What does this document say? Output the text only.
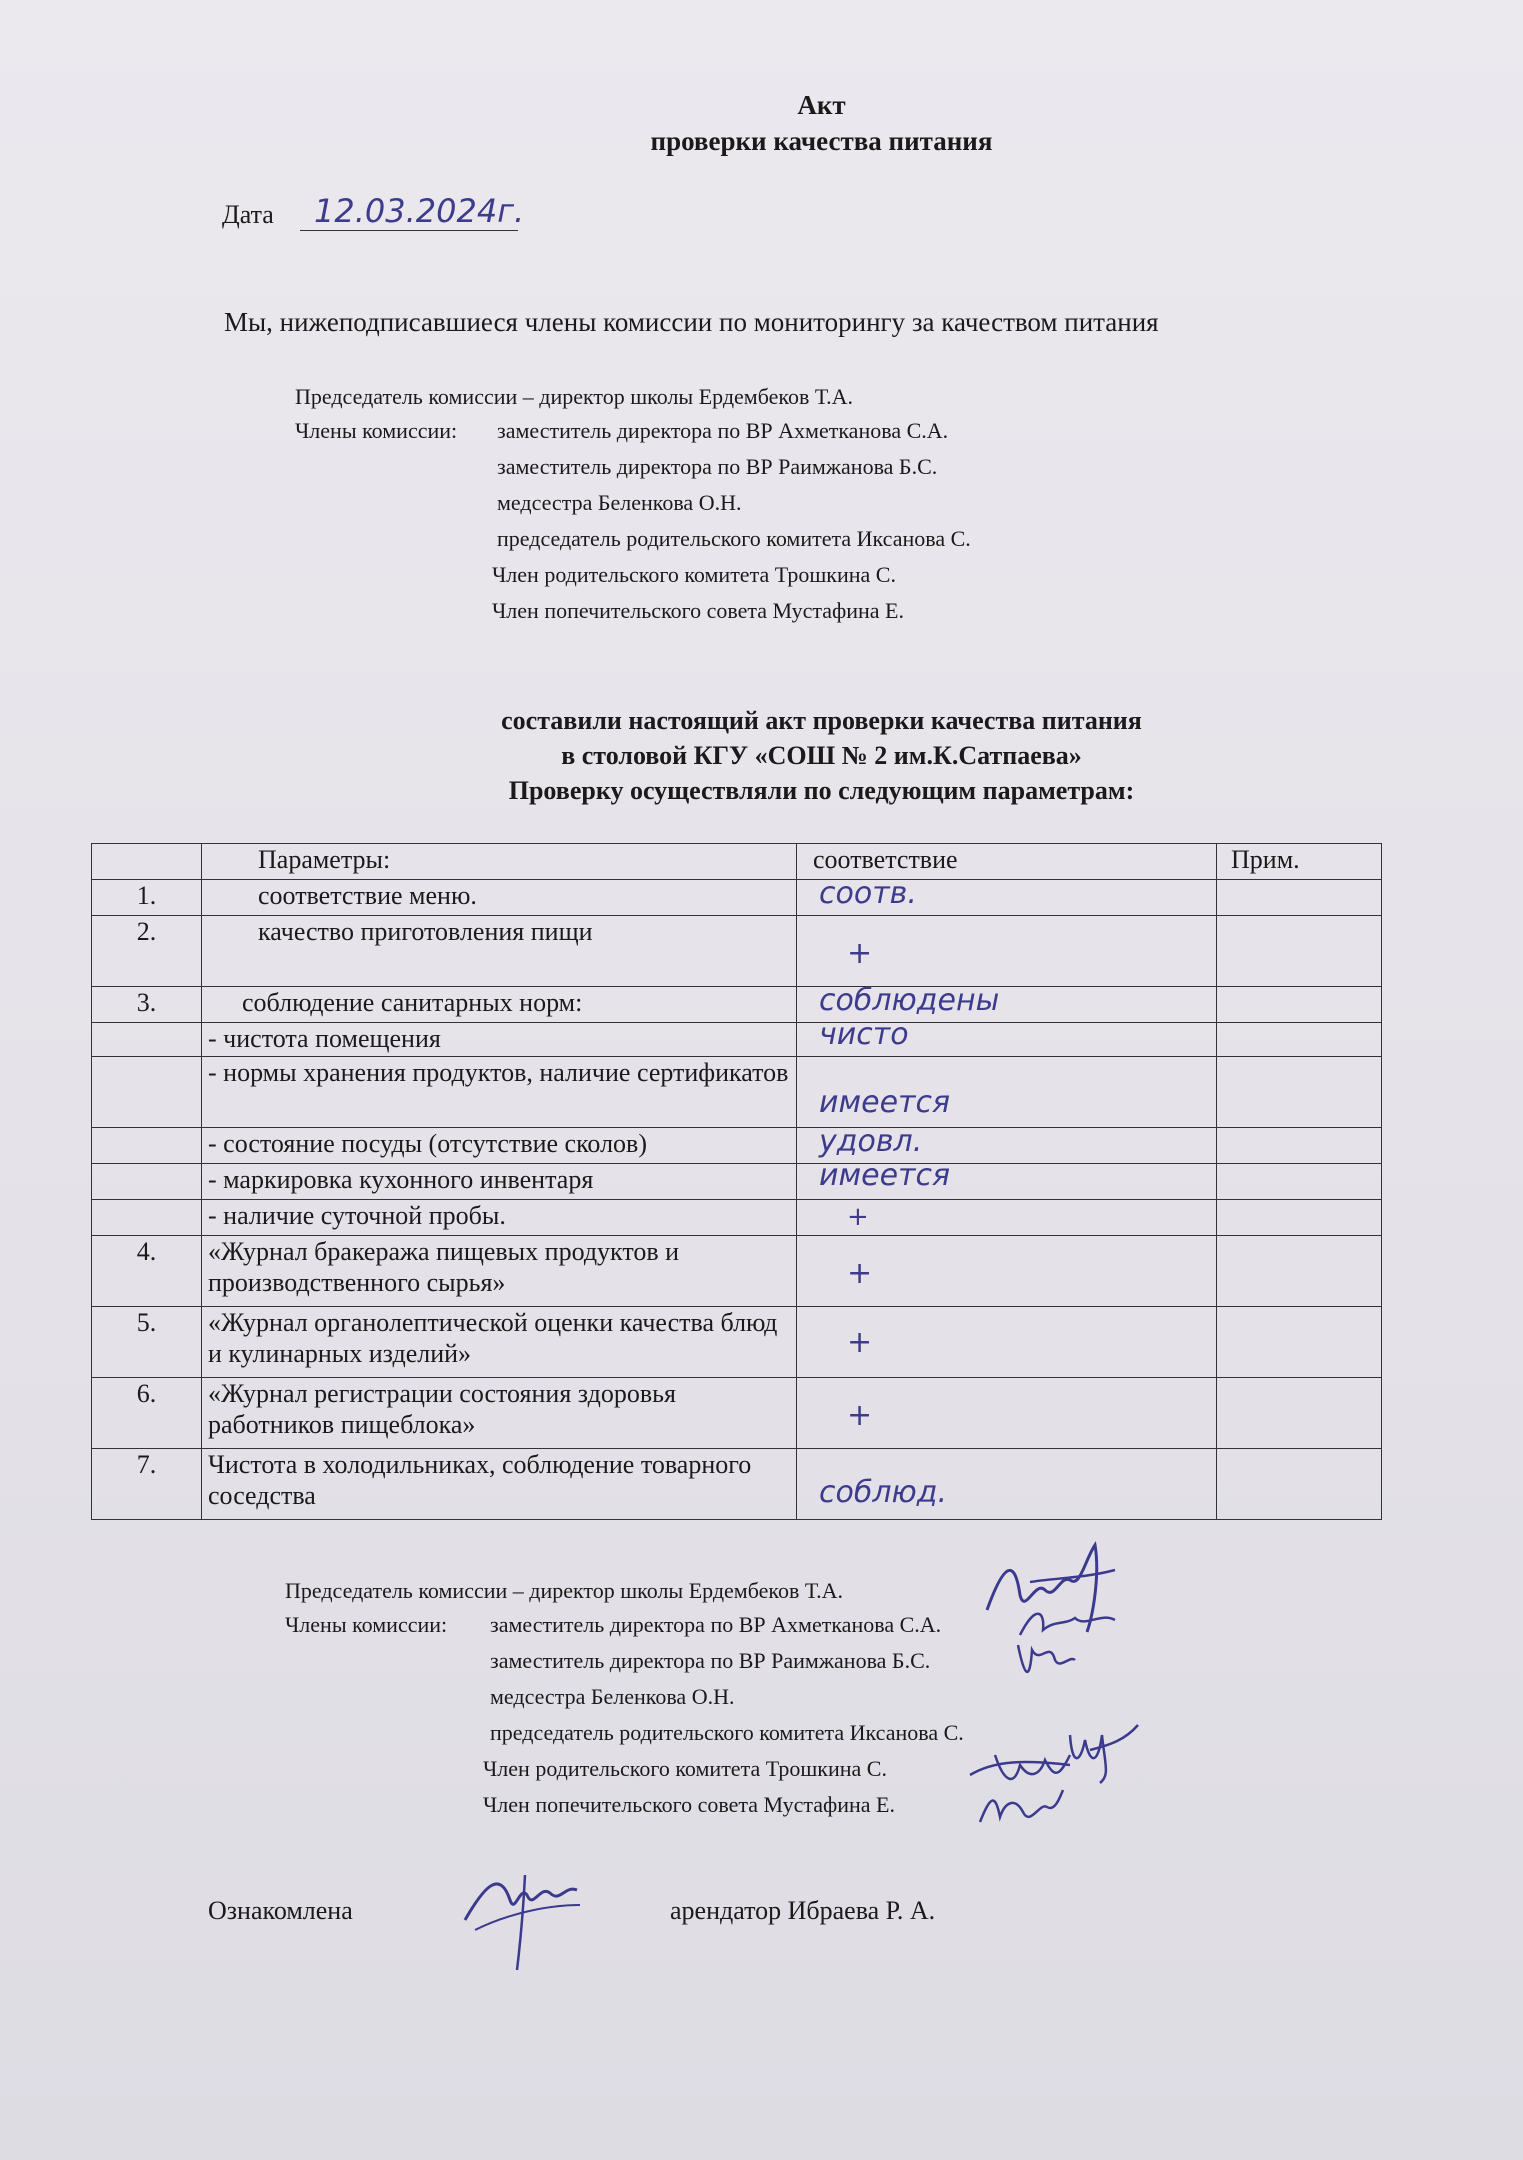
Акт
проверки качества питания
Дата	12.03.2024г.
Мы, нижеподписавшиеся члены комиссии по мониторингу за качеством питания
Председатель комиссии – директор школы Ердембеков Т.А.
Члены комиссии: заместитель директора по ВР Ахметканова С.А.
заместитель директора по ВР Раимжанова Б.С.
медсестра Беленкова О.Н.
председатель родительского комитета Иксанова С.
Член родительского комитета Трошкина С.
Член попечительского совета Мустафина Е.
составили настоящий акт проверки качества питания
в столовой КГУ «СОШ № 2 им.К.Сатпаева»
Проверку осуществляли по следующим параметрам:
	Параметры:	соответствие	Прим.
1.	соответствие меню.	соотв.	

2.	качество приготовления пищи	+	

3.	соблюдение санитарных норм:	соблюдены	

	- чистота помещения	чисто	

	- нормы хранения продуктов, наличие сертификатов	имеется	

	- состояние посуды (отсутствие сколов)	удовл.	

	- маркировка кухонного инвентаря	имеется	

	- наличие суточной пробы.	+	

4.	«Журнал бракеража пищевых продуктов и производственного сырья»	+	

5.	«Журнал органолептической оценки качества блюд и кулинарных изделий»	+	

6.	«Журнал регистрации состояния здоровья работников пищеблока»	+	

7.	Чистота в холодильниках, соблюдение товарного соседства	соблюд.	

Председатель комиссии – директор школы Ердембеков Т.А.
Члены комиссии: заместитель директора по ВР Ахметканова С.А.
заместитель директора по ВР Раимжанова Б.С.
медсестра Беленкова О.Н.
председатель родительского комитета Иксанова С.
Член родительского комитета Трошкина С.
Член попечительского совета Мустафина Е.
Ознакомлена	арендатор Ибраева Р. А.
